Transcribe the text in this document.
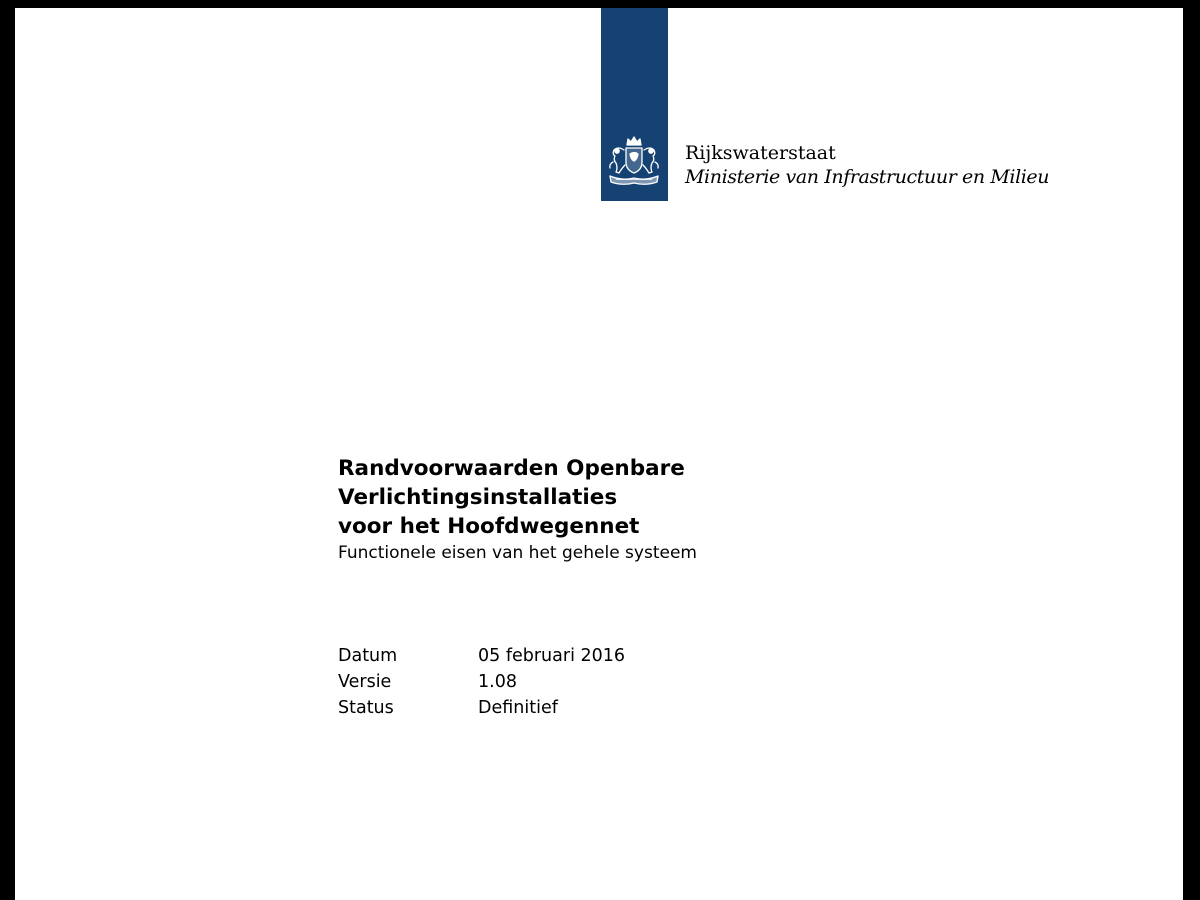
Rijkswaterstaat
Ministerie van Infrastructuur en Milieu
Randvoorwaarden Openbare
Verlichtingsinstallaties
voor het Hoofdwegennet
Functionele eisen van het gehele systeem
Datum	05 februari 2016
Versie	1.08
Status	Definitief
